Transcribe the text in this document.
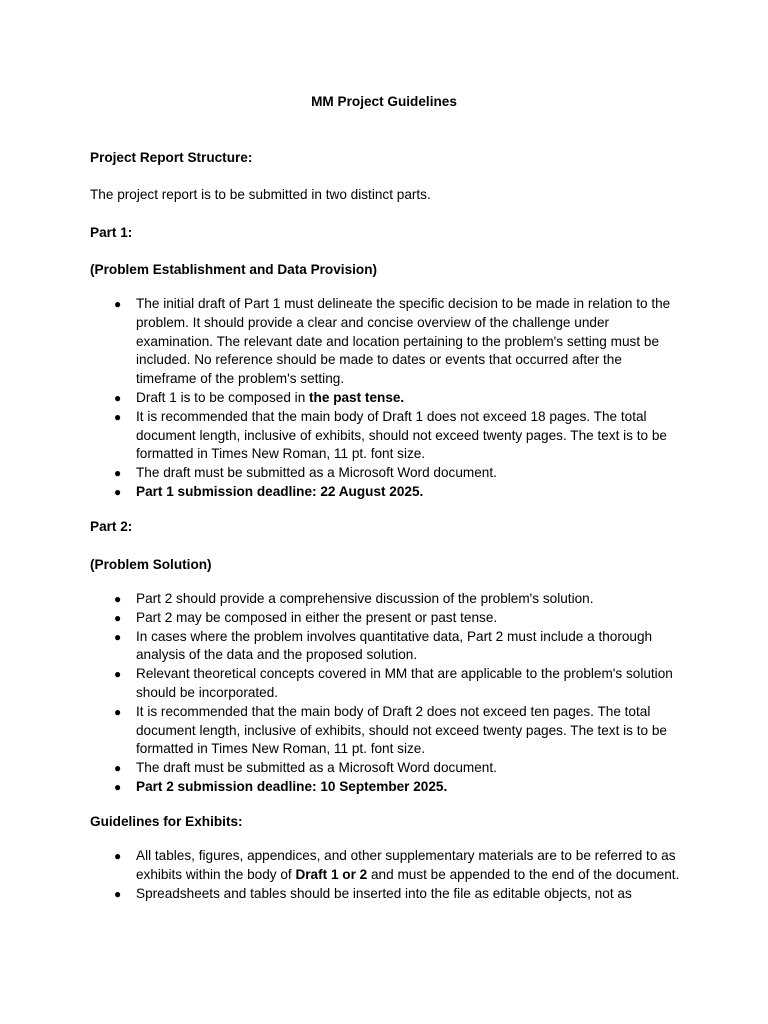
MM Project Guidelines
Project Report Structure:
The project report is to be submitted in two distinct parts.
Part 1:
(Problem Establishment and Data Provision)
● The initial draft of Part 1 must delineate the specific decision to be made in relation to the problem. It should provide a clear and concise overview of the challenge under examination. The relevant date and location pertaining to the problem's setting must be included. No reference should be made to dates or events that occurred after the timeframe of the problem's setting.
● Draft 1 is to be composed in the past tense.
● It is recommended that the main body of Draft 1 does not exceed 18 pages. The total document length, inclusive of exhibits, should not exceed twenty pages. The text is to be formatted in Times New Roman, 11 pt. font size.
● The draft must be submitted as a Microsoft Word document.
● Part 1 submission deadline: 22 August 2025.
Part 2:
(Problem Solution)
● Part 2 should provide a comprehensive discussion of the problem's solution.
● Part 2 may be composed in either the present or past tense.
● In cases where the problem involves quantitative data, Part 2 must include a thorough analysis of the data and the proposed solution.
● Relevant theoretical concepts covered in MM that are applicable to the problem's solution should be incorporated.
● It is recommended that the main body of Draft 2 does not exceed ten pages. The total document length, inclusive of exhibits, should not exceed twenty pages. The text is to be formatted in Times New Roman, 11 pt. font size.
● The draft must be submitted as a Microsoft Word document.
● Part 2 submission deadline: 10 September 2025.
Guidelines for Exhibits:
● All tables, figures, appendices, and other supplementary materials are to be referred to as exhibits within the body of Draft 1 or 2 and must be appended to the end of the document.
● Spreadsheets and tables should be inserted into the file as editable objects, not as
